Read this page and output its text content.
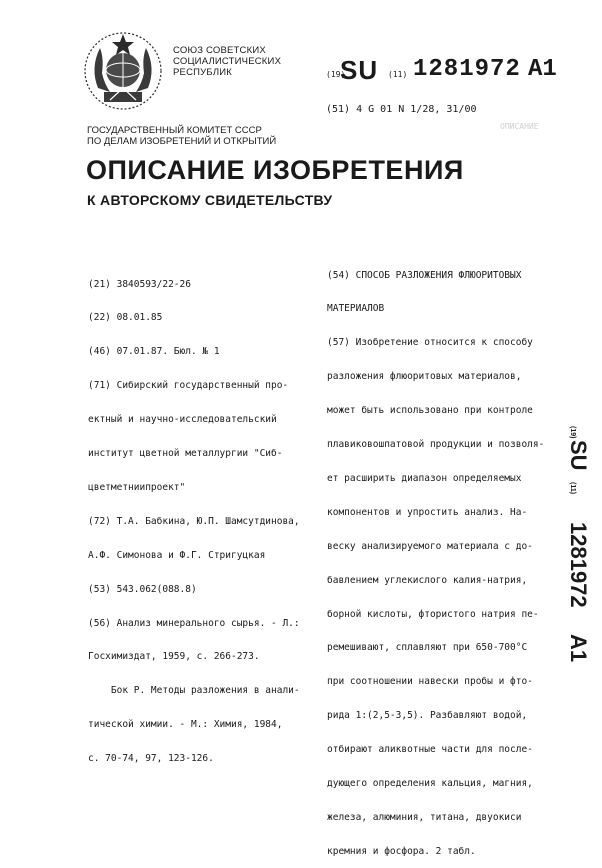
СОЮЗ СОВЕТСКИХ
СОЦИАЛИСТИЧЕСКИХ
РЕСПУБЛИК	(19)
SU (11) 1281972 A1
(51) 4 G 01 N 1/28, 31/00
ОПИСАНИЕ
ГОСУДАРСТВЕННЫЙ КОМИТЕТ СССР
ПО ДЕЛАМ ИЗОБРЕТЕНИЙ И ОТКРЫТИЙ
ОПИСАНИЕ ИЗОБРЕТЕНИЯ
К АВТОРСКОМУ СВИДЕТЕЛЬСТВУ

(21) 3840593/22-26

(22) 08.01.85

(46) 07.01.87. Бюл. № 1

(71) Сибирский государственный про-

ектный и научно-исследовательский

институт цветной металлургии "Сиб-

цветметниипроект"

(72) Т.А. Бабкина, Ю.П. Шамсутдинова,

А.Ф. Симонова и Ф.Г. Стригуцкая

(53) 543.062(088.8)

(56) Анализ минерального сырья. - Л.:

Госхимиздат, 1959, с. 266-273.

Бок Р. Методы разложения в анали-

тической химии. - М.: Химия, 1984,

с. 70-74, 97, 123-126.

(54) СПОСОБ РАЗЛОЖЕНИЯ ФЛЮОРИТОВЫХ

МАТЕРИАЛОВ

(57) Изобретение относится к способу

разложения флюоритовых материалов,

может быть использовано при контроле

плавиковошпатовой продукции и позволя-

ет расширить диапазон определяемых

компонентов и упростить анализ. На-

веску анализируемого материала с до-

бавлением углекислого калия-натрия,

борной кислоты, фтористого натрия пе-

ремешивают, сплавляют при 650-700°С

при соотношении навески пробы и фто-

рида 1:(2,5-3,5). Разбавляют водой,

отбирают аликвотные части для после-

дующего определения кальция, магния,

железа, алюминия, титана, двуокиси

кремния и фосфора. 2 табл.

(19)
SU
(11)
1281972
A1
